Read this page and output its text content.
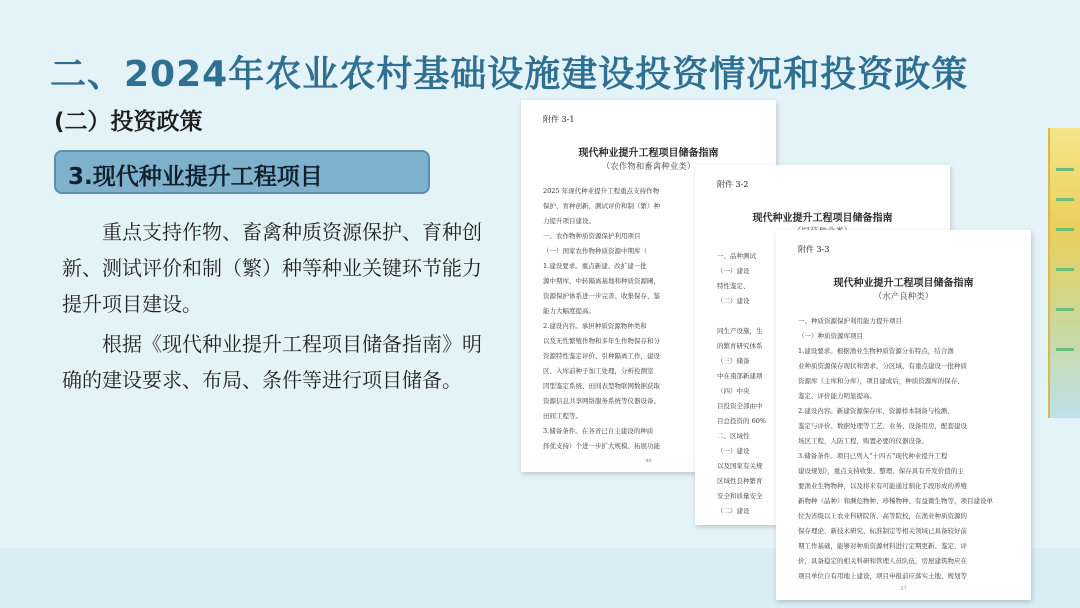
二、2024年农业农村基础设施建设投资情况和投资政策
(二）投资政策
3.现代种业提升工程项目

重点支持作物、畜禽种质资源保护、育种创新、测试评价和制（繁）种等种业关键环节能力提升项目建设。

根据《现代种业提升工程项目储备指南》明确的建设要求、布局、条件等进行项目储备。

附件 3-1
现代种业提升工程项目储备指南
（农作物和畜禽种业类）
2025 年现代种业提升工程重点支持作物
保护、育种创新、测试评价和制（繁）种
力提升项目建设。
一、农作物种质资源保护利用项目
（一）国家农作物种质资源中期库（
1.建设要求。重点新建、改扩建一批
源中期库、中转隔离基地和种质资源圃，
资源保护体系进一步完善、收集保存、鉴
能力大幅度提高。
2.建设内容。承担种质资源物种类和
以及无性繁殖作物和多年生作物保存和分
资源特性鉴定评价、引种隔离工作，建设
区、入库前种子加工处理，分析检测室
因型鉴定系统、田间表型物联网数据获取
资源信息共享网络服务系统等仪器设备。
田间工程等。
3.储备条件。在各省已自主建设的种质
择优支持）个进一步扩大规模、拓展功能
48
附件 3-2
现代种业提升工程项目储备指南
一、品种测试
（一）建设
特性鉴定、
（二）建设

同生产设施，生
的繁育研究体系
（三）储备
中在南部新建项
（四）中央
目投资全部由中
目总投资的 60%
二、区域性
（一）建设
以及国家有关规
区域性良种繁育
安全和质量安全
（二）建设
附件 3-3
现代种业提升工程项目储备指南
（水产良种类）
一、种质资源保护利用能力提升项目
（一）种质资源库项目
1.建设要求。根据渔业生物种质资源分布特点，结合渔
业种质资源保存现状和需求，分区域、有重点建设一批种质
资源库（主库和分库），项目建成后，种质资源库的保存、
鉴定、评价能力明显提高。
2.建设内容。新建资源保存库、资源样本制备与检测、
鉴定与评价、数据处理等工艺、业务、设备用房，配套建设
场区工程，人防工程，购置必要的仪器设备。
3.储备条件。项目已列入“十四五”现代种业提升工程
建设规划》，重点支持收集、整理、保存具有开发价值的主
要渔业生物物种，以及将来有可能通过驯化手段形成的养殖
新物种（品种）和濒危物种、珍稀物种、有益微生物等，项目建设单
位为省级以上农业科研院所、高等院校，在渔业种质资源的
保存理论、新技术研究、标准制定等相关领域已具备较好前
期工作基础，能够对种质资源材料进行定期更新、鉴定、评
价，具备稳定的相关科研和管理人员队伍，房屋建筑物应在
项目单位自有用地上建设，项目申报前应落实土地、规划等
57
